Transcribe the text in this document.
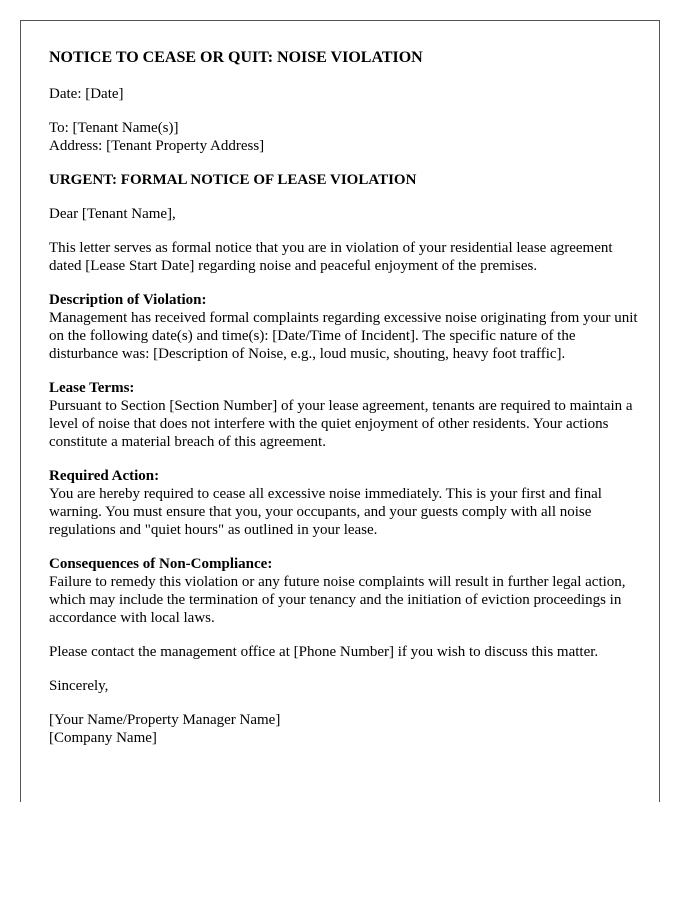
NOTICE TO CEASE OR QUIT: NOISE VIOLATION

Date: [Date]

To: [Tenant Name(s)]
Address: [Tenant Property Address]

URGENT: FORMAL NOTICE OF LEASE VIOLATION

Dear [Tenant Name],

This letter serves as formal notice that you are in violation of your residential lease agreement dated [Lease Start Date] regarding noise and peaceful enjoyment of the premises.

Description of Violation:
Management has received formal complaints regarding excessive noise originating from your unit on the following date(s) and time(s): [Date/Time of Incident]. The specific nature of the disturbance was: [Description of Noise, e.g., loud music, shouting, heavy foot traffic].

Lease Terms:
Pursuant to Section [Section Number] of your lease agreement, tenants are required to maintain a level of noise that does not interfere with the quiet enjoyment of other residents. Your actions constitute a material breach of this agreement.

Required Action:
You are hereby required to cease all excessive noise immediately. This is your first and final warning. You must ensure that you, your occupants, and your guests comply with all noise regulations and "quiet hours" as outlined in your lease.

Consequences of Non-Compliance:
Failure to remedy this violation or any future noise complaints will result in further legal action, which may include the termination of your tenancy and the initiation of eviction proceedings in accordance with local laws.

Please contact the management office at [Phone Number] if you wish to discuss this matter.

Sincerely,

[Your Name/Property Manager Name]
[Company Name]
